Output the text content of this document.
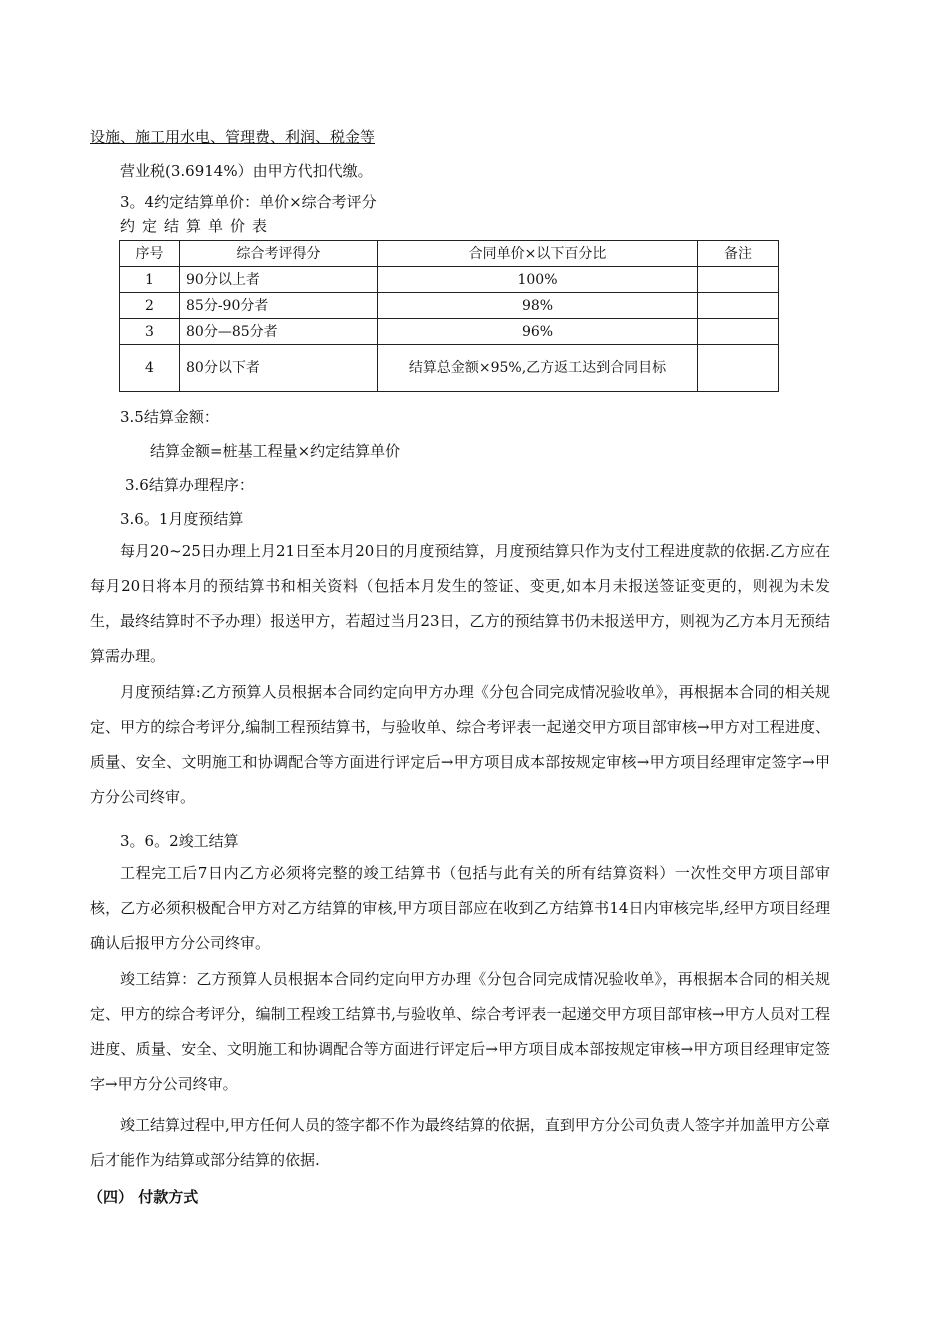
设施、施工用水电、管理费、利润、税金等
营业税(3.6914%）由甲方代扣代缴。
3。4约定结算单价：单价×综合考评分
约定结算单价表
序号	综合考评得分	合同单价×以下百分比	备注
1	90分以上者	100%	
2	85分-90分者	98%	
3	80分—85分者	96%	
4	80分以下者	结算总金额×95%,乙方返工达到合同目标	
3.5结算金额：
结算金额=桩基工程量×约定结算单价
3.6结算办理程序：
3.6。1月度预结算

每月20~25日办理上月21日至本月20日的月度预结算，月度预结算只作为支付工程进度款的依据.乙方应在每月20日将本月的预结算书和相关资料（包括本月发生的签证、变更,如本月未报送签证变更的，则视为未发生，最终结算时不予办理）报送甲方，若超过当月23日，乙方的预结算书仍未报送甲方，则视为乙方本月无预结算需办理。

月度预结算:乙方预算人员根据本合同约定向甲方办理《分包合同完成情况验收单》，再根据本合同的相关规定、甲方的综合考评分,编制工程预结算书，与验收单、综合考评表一起递交甲方项目部审核→甲方对工程进度、质量、安全、文明施工和协调配合等方面进行评定后→甲方项目成本部按规定审核→甲方项目经理审定签字→甲方分公司终审。

3。6。2竣工结算

工程完工后7日内乙方必须将完整的竣工结算书（包括与此有关的所有结算资料）一次性交甲方项目部审核，乙方必须积极配合甲方对乙方结算的审核,甲方项目部应在收到乙方结算书14日内审核完毕,经甲方项目经理确认后报甲方分公司终审。

竣工结算：乙方预算人员根据本合同约定向甲方办理《分包合同完成情况验收单》，再根据本合同的相关规定、甲方的综合考评分，编制工程竣工结算书,与验收单、综合考评表一起递交甲方项目部审核→甲方人员对工程进度、质量、安全、文明施工和协调配合等方面进行评定后→甲方项目成本部按规定审核→甲方项目经理审定签字→甲方分公司终审。

竣工结算过程中,甲方任何人员的签字都不作为最终结算的依据，直到甲方分公司负责人签字并加盖甲方公章后才能作为结算或部分结算的依据.

（四） 付款方式
